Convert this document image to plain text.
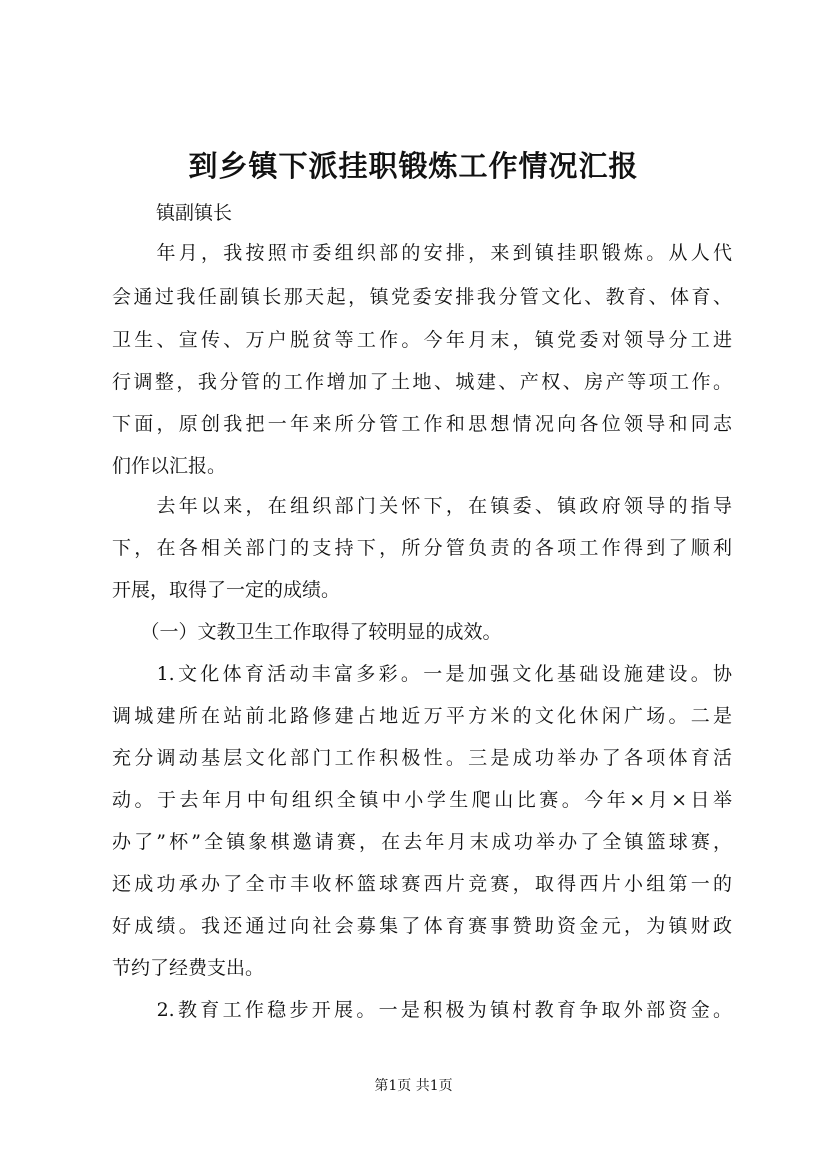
到乡镇下派挂职锻炼工作情况汇报

镇副镇长

　　年月，我按照市委组织部的安排，来到镇挂职锻炼。从人代

会通过我任副镇长那天起，镇党委安排我分管文化、教育、体育、

卫生、宣传、万户脱贫等工作。今年月末，镇党委对领导分工进

行调整，我分管的工作增加了土地、城建、产权、房产等项工作。

下面，原创我把一年来所分管工作和思想情况向各位领导和同志

们作以汇报。

　　去年以来，在组织部门关怀下，在镇委、镇政府领导的指导

下，在各相关部门的支持下，所分管负责的各项工作得到了顺利

开展，取得了一定的成绩。

　　（一）文教卫生工作取得了较明显的成效。

　　1.文化体育活动丰富多彩。一是加强文化基础设施建设。协

调城建所在站前北路修建占地近万平方米的文化休闲广场。二是

充分调动基层文化部门工作积极性。三是成功举办了各项体育活

动。于去年月中旬组织全镇中小学生爬山比赛。今年×月×日举

办了”杯”全镇象棋邀请赛，在去年月末成功举办了全镇篮球赛，

还成功承办了全市丰收杯篮球赛西片竞赛，取得西片小组第一的

好成绩。我还通过向社会募集了体育赛事赞助资金元，为镇财政

节约了经费支出。

　　2.教育工作稳步开展。一是积极为镇村教育争取外部资金。

第1页 共1页
